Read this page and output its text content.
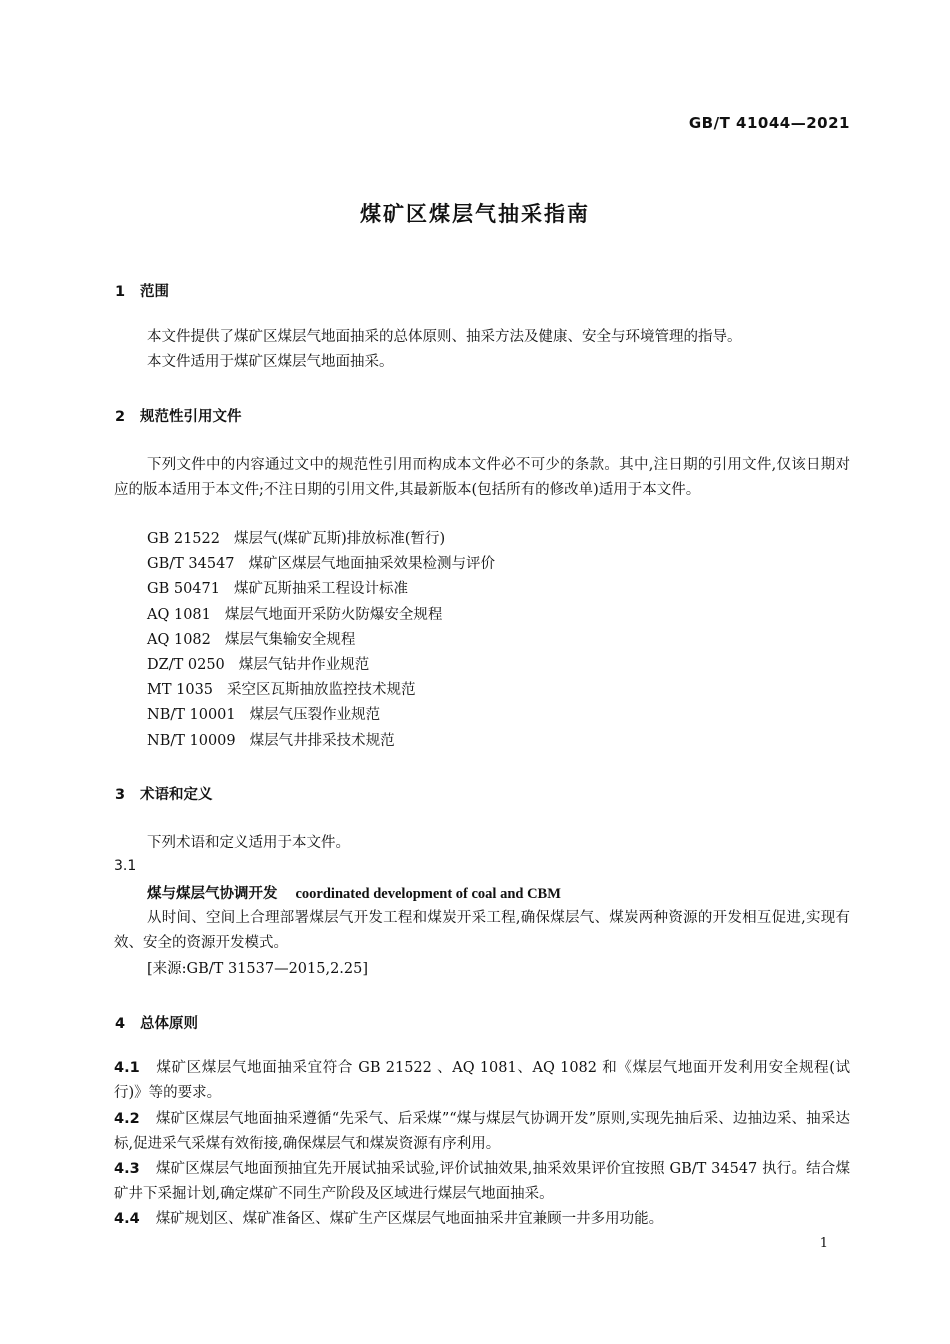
GB/T 41044—2021
煤矿区煤层气抽采指南
1 范围
本文件提供了煤矿区煤层气地面抽采的总体原则、抽采方法及健康、安全与环境管理的指导。
本文件适用于煤矿区煤层气地面抽采。
2 规范性引用文件
下列文件中的内容通过文中的规范性引用而构成本文件必不可少的条款。其中,注日期的引用文件,仅该日期对应的版本适用于本文件;不注日期的引用文件,其最新版本(包括所有的修改单)适用于本文件。
GB 21522 煤层气(煤矿瓦斯)排放标准(暂行)
GB/T 34547 煤矿区煤层气地面抽采效果检测与评价
GB 50471 煤矿瓦斯抽采工程设计标准
AQ 1081 煤层气地面开采防火防爆安全规程
AQ 1082 煤层气集输安全规程
DZ/T 0250 煤层气钻井作业规范
MT 1035 采空区瓦斯抽放监控技术规范
NB/T 10001 煤层气压裂作业规范
NB/T 10009 煤层气井排采技术规范
3 术语和定义
下列术语和定义适用于本文件。
3.1
煤与煤层气协调开发 coordinated development of coal and CBM
从时间、空间上合理部署煤层气开发工程和煤炭开采工程,确保煤层气、煤炭两种资源的开发相互促进,实现有效、安全的资源开发模式。
[来源:GB/T 31537—2015,2.25]
4 总体原则
4.1 煤矿区煤层气地面抽采宜符合 GB 21522 、AQ 1081、AQ 1082 和《煤层气地面开发利用安全规程(试行)》等的要求。
4.2 煤矿区煤层气地面抽采遵循“先采气、后采煤”“煤与煤层气协调开发”原则,实现先抽后采、边抽边采、抽采达标,促进采气采煤有效衔接,确保煤层气和煤炭资源有序利用。
4.3 煤矿区煤层气地面预抽宜先开展试抽采试验,评价试抽效果,抽采效果评价宜按照 GB/T 34547 执行。结合煤矿井下采掘计划,确定煤矿不同生产阶段及区域进行煤层气地面抽采。
4.4 煤矿规划区、煤矿准备区、煤矿生产区煤层气地面抽采井宜兼顾一井多用功能。
1
